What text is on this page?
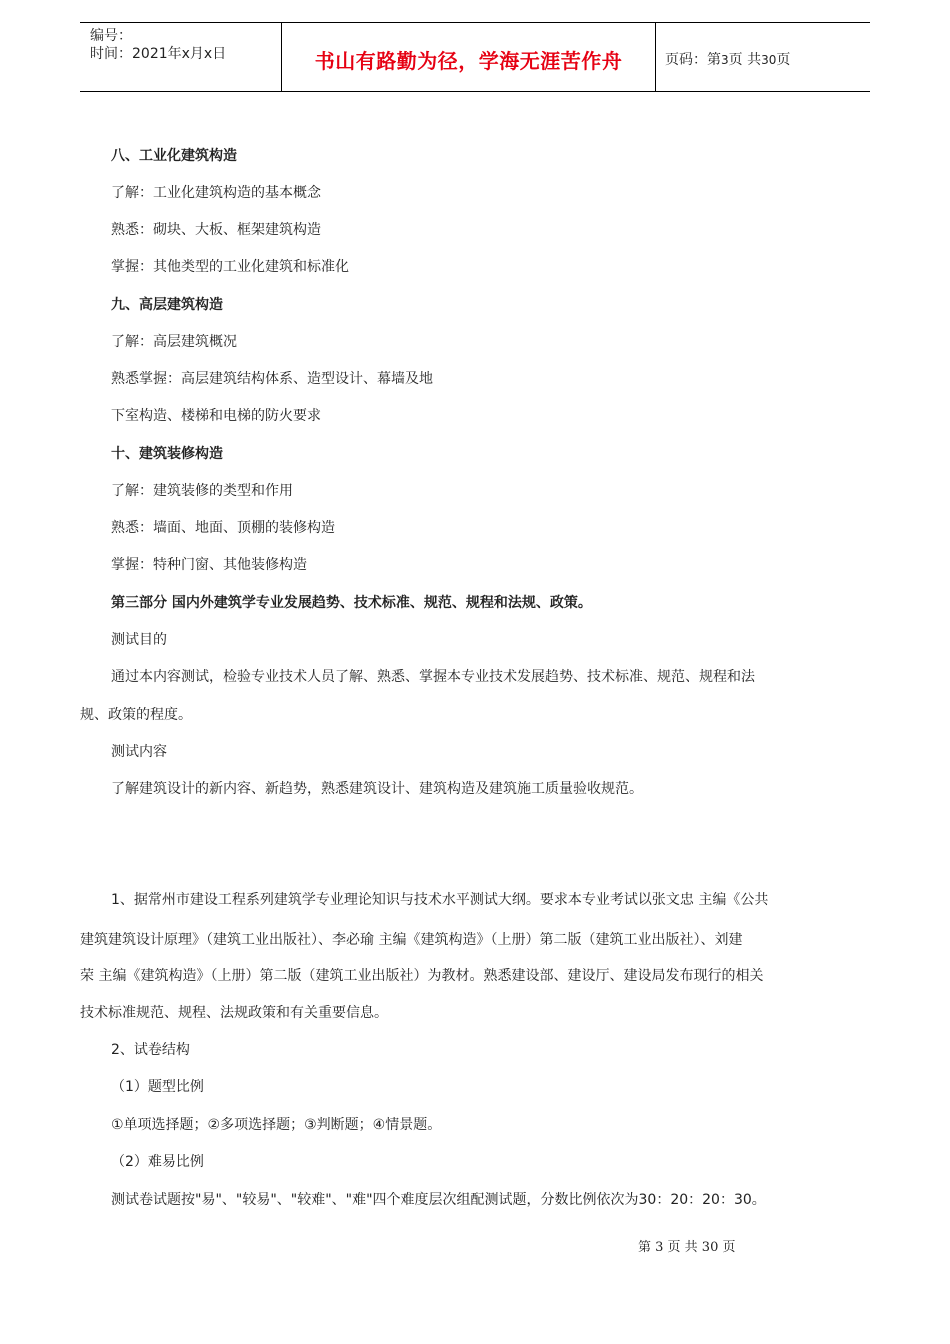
编号：
时间：2021年x月x日	书山有路勤为径，学海无涯苦作舟	页码：第3页 共30页
八、工业化建筑构造
了解：工业化建筑构造的基本概念
熟悉：砌块、大板、框架建筑构造
掌握：其他类型的工业化建筑和标准化
九、高层建筑构造
了解：高层建筑概况
熟悉掌握：高层建筑结构体系、造型设计、幕墙及地
下室构造、楼梯和电梯的防火要求
十、建筑装修构造
了解：建筑装修的类型和作用
熟悉：墙面、地面、顶棚的装修构造
掌握：特种门窗、其他装修构造
第三部分 国内外建筑学专业发展趋势、技术标准、规范、规程和法规、政策。
测试目的
通过本内容测试，检验专业技术人员了解、熟悉、掌握本专业技术发展趋势、技术标准、规范、规程和法
规、政策的程度。
测试内容
了解建筑设计的新内容、新趋势，熟悉建筑设计、建筑构造及建筑施工质量验收规范。
1、据常州市建设工程系列建筑学专业理论知识与技术水平测试大纲。要求本专业考试以张文忠 主编《公共
建筑建筑设计原理》（建筑工业出版社）、李必瑜 主编《建筑构造》（上册）第二版（建筑工业出版社）、刘建
荣 主编《建筑构造》（上册）第二版（建筑工业出版社）为教材。熟悉建设部、建设厅、建设局发布现行的相关
技术标准规范、规程、法规政策和有关重要信息。
2、试卷结构
（1）题型比例
①单项选择题；②多项选择题；③判断题；④情景题。
（2）难易比例
测试卷试题按"易"、"较易"、"较难"、"难"四个难度层次组配测试题，分数比例依次为30：20：20：30。
第 3 页 共 30 页
